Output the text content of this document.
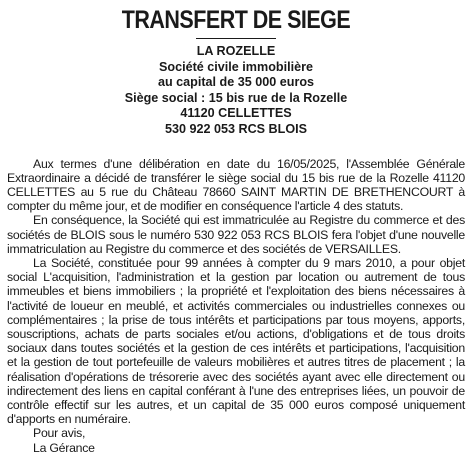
TRANSFERT DE SIEGE
LA ROZELLE
Société civile immobilière
au capital de 35 000 euros
Siège social : 15 bis rue de la Rozelle
41120 CELLETTES
530 922 053 RCS BLOIS

Aux termes d'une délibération en date du 16/05/2025, l'Assemblée Générale Extraordinaire a décidé de transférer le siège social du 15 bis rue de la Rozelle 41120 CELLETTES au 5 rue du Château 78660 SAINT MARTIN DE BRETHENCOURT à compter du même jour, et de modifier en conséquence l'article 4 des statuts.

En conséquence, la Société qui est immatriculée au Registre du commerce et des sociétés de BLOIS sous le numéro 530 922 053 RCS BLOIS fera l'objet d'une nouvelle immatriculation au Registre du commerce et des sociétés de VERSAILLES.

La Société, constituée pour 99 années à compter du 9 mars 2010, a pour objet social L'acquisition, l'administration et la gestion par location ou autrement de tous immeubles et biens immobiliers ; la propriété et l'exploitation des biens nécessaires à l'activité de loueur en meublé, et activités commerciales ou industrielles connexes ou complémentaires ; la prise de tous intérêts et participations par tous moyens, apports, souscriptions, achats de parts sociales et/ou actions, d'obligations et de tous droits sociaux dans toutes sociétés et la gestion de ces intérêts et participations, l'acquisition et la gestion de tout portefeuille de valeurs mobilières et autres titres de placement ; la réalisation d'opérations de trésorerie avec des sociétés ayant avec elle directement ou indirectement des liens en capital conférant à l'une des entreprises liées, un pouvoir de contrôle effectif sur les autres, et un capital de 35 000 euros composé uniquement d'apports en numéraire.

Pour avis,

La Gérance
